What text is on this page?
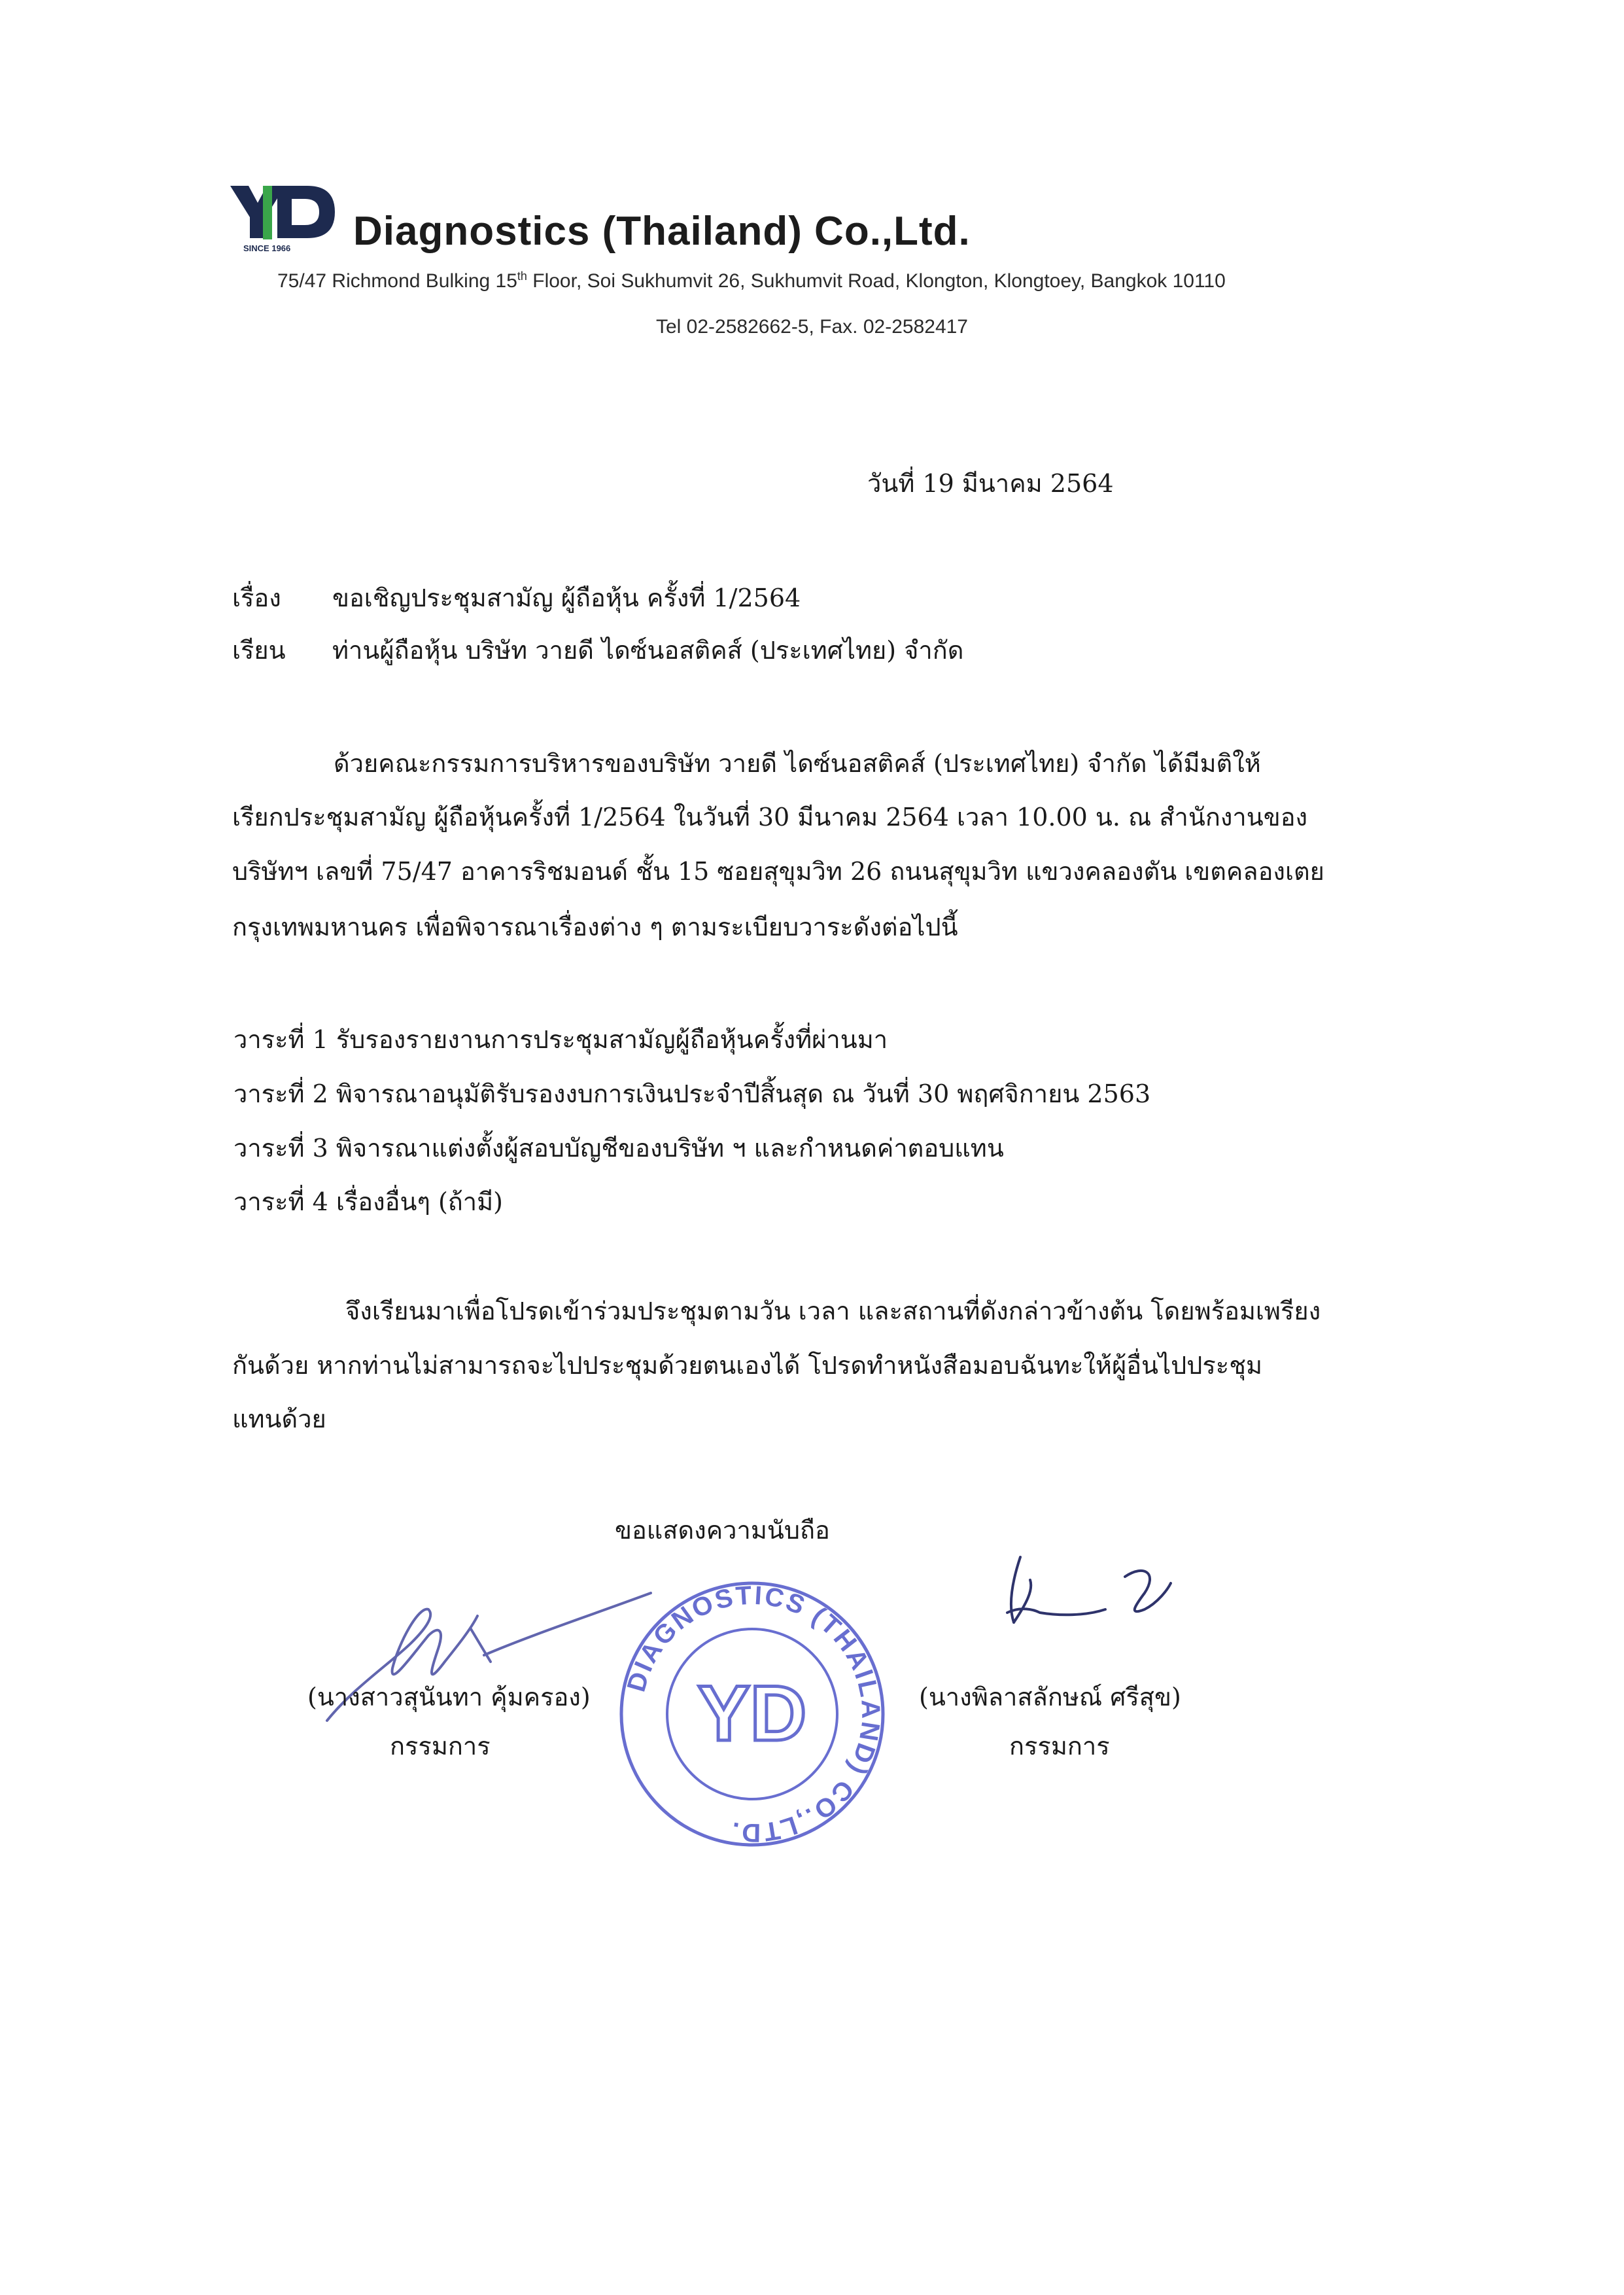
SINCE 1966 Diagnostics (Thailand) Co.,Ltd.
75/47 Richmond Bulking 15th Floor, Soi Sukhumvit 26, Sukhumvit Road, Klongton, Klongtoey, Bangkok 10110
Tel 02-2582662-5, Fax. 02-2582417
วันที่ 19 มีนาคม 2564
เรื่อง ขอเชิญประชุมสามัญ ผู้ถือหุ้น ครั้งที่ 1/2564
เรียน ท่านผู้ถือหุ้น บริษัท วายดี ไดซ์นอสติคส์ (ประเทศไทย) จำกัด
ด้วยคณะกรรมการบริหารของบริษัท วายดี ไดซ์นอสติคส์ (ประเทศไทย) จำกัด ได้มีมติให้
เรียกประชุมสามัญ ผู้ถือหุ้นครั้งที่ 1/2564 ในวันที่ 30 มีนาคม 2564 เวลา 10.00 น. ณ สำนักงานของ
บริษัทฯ เลขที่ 75/47 อาคารริชมอนด์ ชั้น 15 ซอยสุขุมวิท 26 ถนนสุขุมวิท แขวงคลองตัน เขตคลองเตย
กรุงเทพมหานคร เพื่อพิจารณาเรื่องต่าง ๆ ตามระเบียบวาระดังต่อไปนี้
วาระที่ 1 รับรองรายงานการประชุมสามัญผู้ถือหุ้นครั้งที่ผ่านมา
วาระที่ 2 พิจารณาอนุมัติรับรองงบการเงินประจำปีสิ้นสุด ณ วันที่ 30 พฤศจิกายน 2563
วาระที่ 3 พิจารณาแต่งตั้งผู้สอบบัญชีของบริษัท ฯ และกำหนดค่าตอบแทน
วาระที่ 4 เรื่องอื่นๆ (ถ้ามี)
จึงเรียนมาเพื่อโปรดเข้าร่วมประชุมตามวัน เวลา และสถานที่ดังกล่าวข้างต้น โดยพร้อมเพรียง
กันด้วย หากท่านไม่สามารถจะไปประชุมด้วยตนเองได้ โปรดทำหนังสือมอบฉันทะให้ผู้อื่นไปประชุม
แทนด้วย
ขอแสดงความนับถือ
DIAGNOSTICS (THAILAND) CO.,LTD.
YD
(นางสาวสุนันทา คุ้มครอง)
กรรมการ
(นางพิลาสลักษณ์ ศรีสุข)
กรรมการ
